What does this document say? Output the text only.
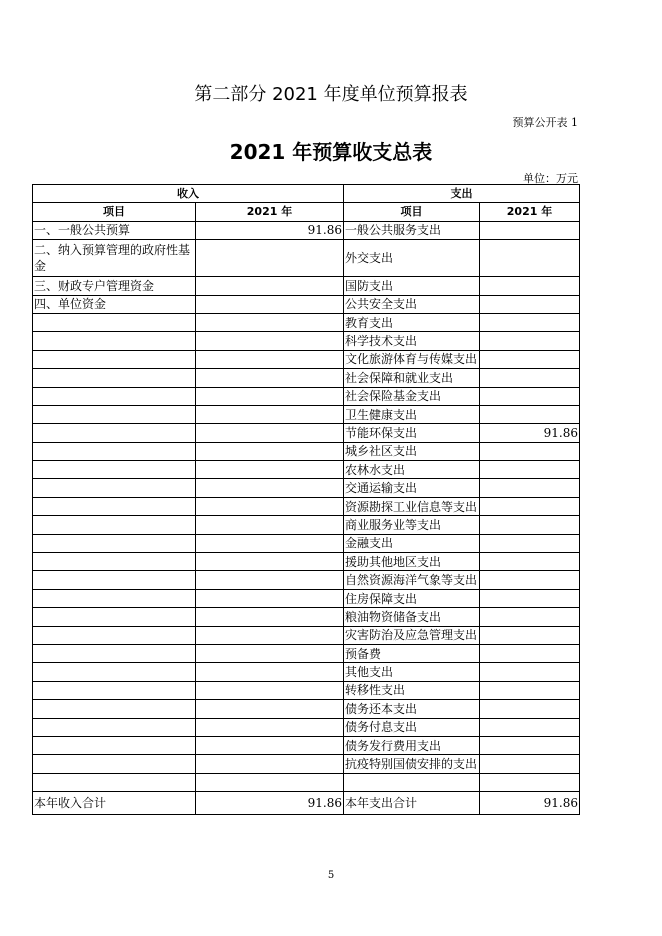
第二部分 2021 年度单位预算报表
预算公开表 1
2021 年预算收支总表
单位：万元
收入		支出	
项目	2021 年	项目	2021 年
一、一般公共预算	91.86	一般公共服务支出	
二、纳入预算管理的政府性基金		外交支出	
三、财政专户管理资金		国防支出	
四、单位资金		公共安全支出	
		教育支出	
		科学技术支出	
		文化旅游体育与传媒支出	
		社会保障和就业支出	
		社会保险基金支出	
		卫生健康支出	
		节能环保支出	91.86
		城乡社区支出	
		农林水支出	
		交通运输支出	
		资源勘探工业信息等支出	
		商业服务业等支出	
		金融支出	
		援助其他地区支出	
		自然资源海洋气象等支出	
		住房保障支出	
		粮油物资储备支出	
		灾害防治及应急管理支出	
		预备费	
		其他支出	
		转移性支出	
		债务还本支出	
		债务付息支出	
		债务发行费用支出	
		抗疫特别国债安排的支出	

本年收入合计	91.86	本年支出合计	91.86
5
